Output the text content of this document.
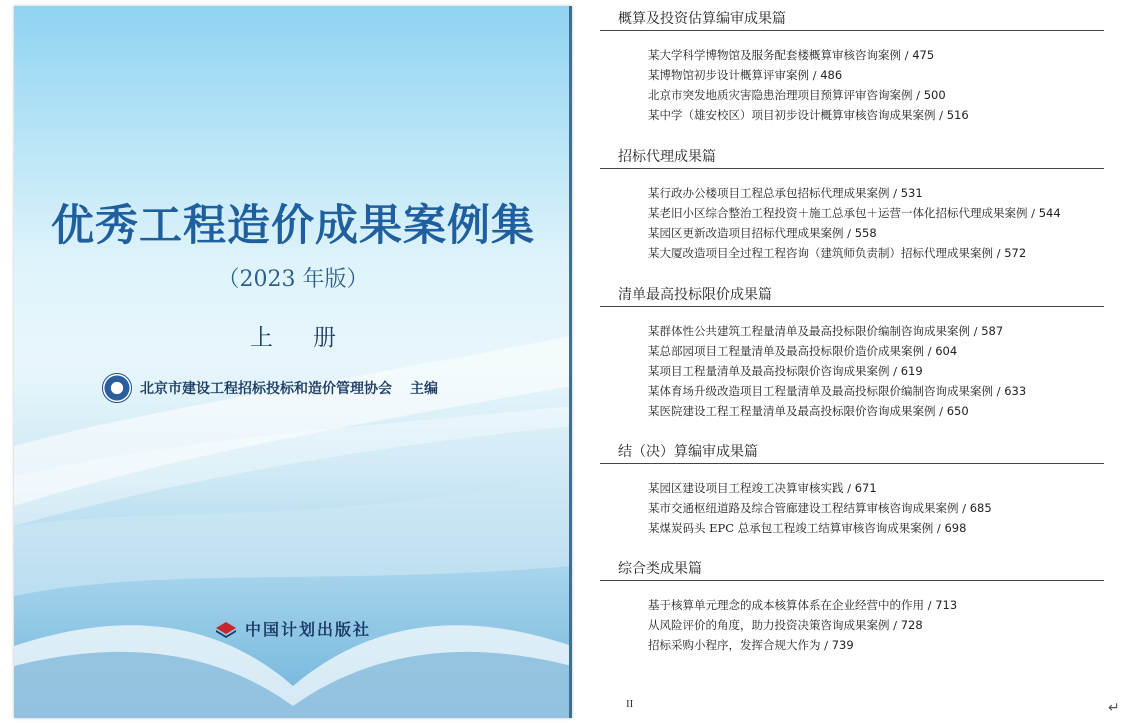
优秀工程造价成果案例集
（2023 年版）
上册
北京市建设工程招标投标和造价管理协会 主编
中国计划出版社
概算及投资估算编审成果篇
某大学科学博物馆及服务配套楼概算审核咨询案例 / 475
某博物馆初步设计概算评审案例 / 486
北京市突发地质灾害隐患治理项目预算评审咨询案例 / 500
某中学（雄安校区）项目初步设计概算审核咨询成果案例 / 516
招标代理成果篇
某行政办公楼项目工程总承包招标代理成果案例 / 531
某老旧小区综合整治工程投资＋施工总承包＋运营一体化招标代理成果案例 / 544
某园区更新改造项目招标代理成果案例 / 558
某大厦改造项目全过程工程咨询（建筑师负责制）招标代理成果案例 / 572
清单最高投标限价成果篇
某群体性公共建筑工程量清单及最高投标限价编制咨询成果案例 / 587
某总部园项目工程量清单及最高投标限价造价成果案例 / 604
某项目工程量清单及最高投标限价咨询成果案例 / 619
某体育场升级改造项目工程量清单及最高投标限价编制咨询成果案例 / 633
某医院建设工程工程量清单及最高投标限价咨询成果案例 / 650
结（决）算编审成果篇
某园区建设项目工程竣工决算审核实践 / 671
某市交通枢纽道路及综合管廊建设工程结算审核咨询成果案例 / 685
某煤炭码头 EPC 总承包工程竣工结算审核咨询成果案例 / 698
综合类成果篇
基于核算单元理念的成本核算体系在企业经营中的作用 / 713
从风险评价的角度，助力投资决策咨询成果案例 / 728
招标采购小程序，发挥合规大作为 / 739
II	↵
